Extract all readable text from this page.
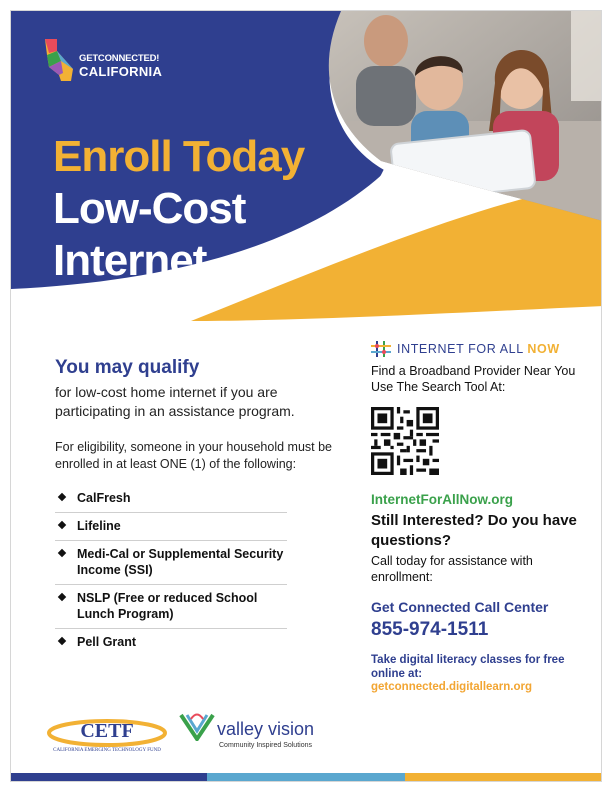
GETCONNECTED!
CALIFORNIA
Enroll Today
Low-Cost
Internet
You may qualify
for low-cost home internet if you are participating in an assistance program.
For eligibility, someone in your household must be enrolled in at least ONE (1) of the following:
CalFresh
Lifeline
Medi-Cal or Supplemental Security Income (SSI)
NSLP (Free or reduced School Lunch Program)
Pell Grant
INTERNET FOR ALL NOW
Find a Broadband Provider Near You Use The Search Tool At:
InternetForAllNow.org
Still Interested? Do you have questions?
Call today for assistance with enrollment:
Get Connected Call Center
855-974-1511
Take digital literacy classes for free online at:
getconnected.digitallearn.org
CETF
CALIFORNIA EMERGING TECHNOLOGY FUND
valley vision
Community Inspired Solutions
